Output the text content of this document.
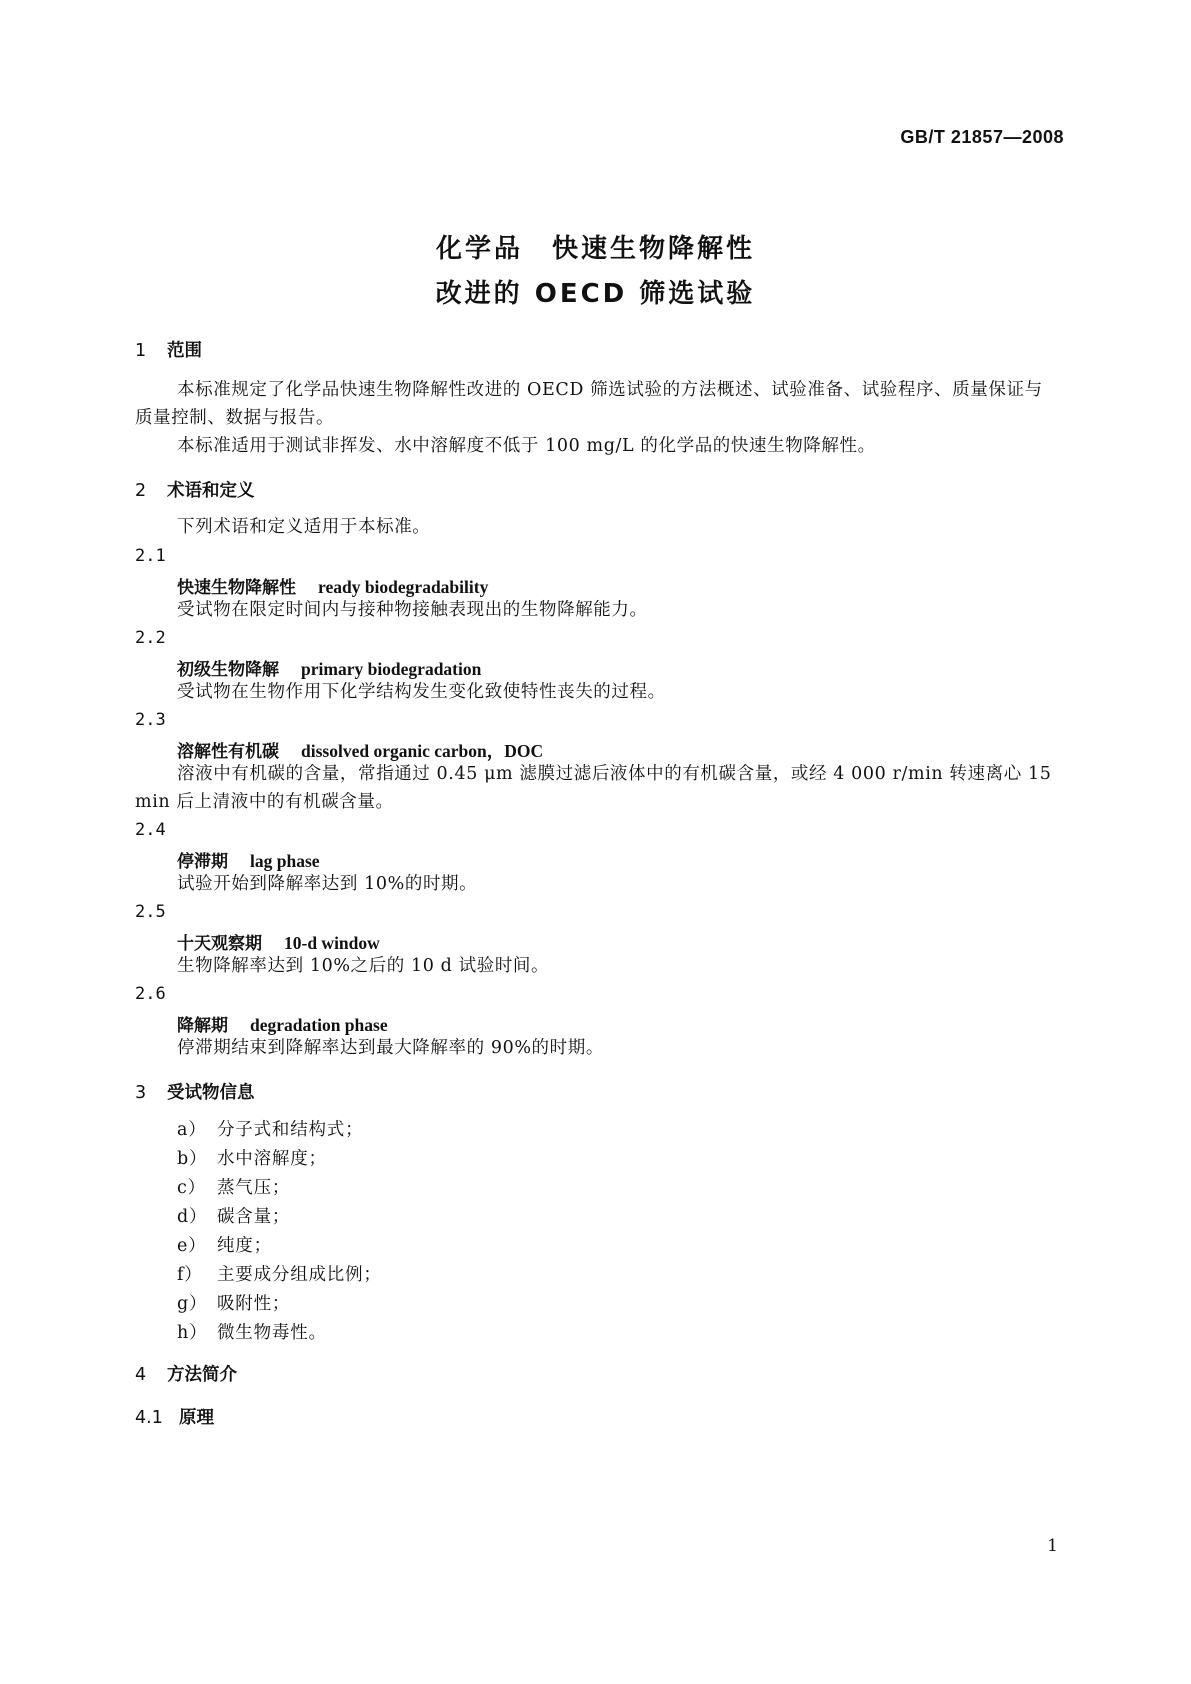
GB/T 21857—2008
化学品　快速生物降解性
改进的 OECD 筛选试验
1 范围
本标准规定了化学品快速生物降解性改进的 OECD 筛选试验的方法概述、试验准备、试验程序、质量保证与质量控制、数据与报告。
本标准适用于测试非挥发、水中溶解度不低于 100 mg/L 的化学品的快速生物降解性。
2 术语和定义
下列术语和定义适用于本标准。
2.1
快速生物降解性 ready biodegradability
受试物在限定时间内与接种物接触表现出的生物降解能力。
2.2
初级生物降解 primary biodegradation
受试物在生物作用下化学结构发生变化致使特性丧失的过程。
2.3
溶解性有机碳 dissolved organic carbon，DOC
溶液中有机碳的含量，常指通过 0.45 μm 滤膜过滤后液体中的有机碳含量，或经 4 000 r/min 转速离心 15 min 后上清液中的有机碳含量。
2.4
停滞期 lag phase
试验开始到降解率达到 10%的时期。
2.5
十天观察期 10-d window
生物降解率达到 10%之后的 10 d 试验时间。
2.6
降解期 degradation phase
停滞期结束到降解率达到最大降解率的 90%的时期。
3 受试物信息
a） 分子式和结构式；
b） 水中溶解度；
c） 蒸气压；
d） 碳含量；
e） 纯度；
f） 主要成分组成比例；
g） 吸附性；
h） 微生物毒性。
4 方法简介
4.1 原理
1
